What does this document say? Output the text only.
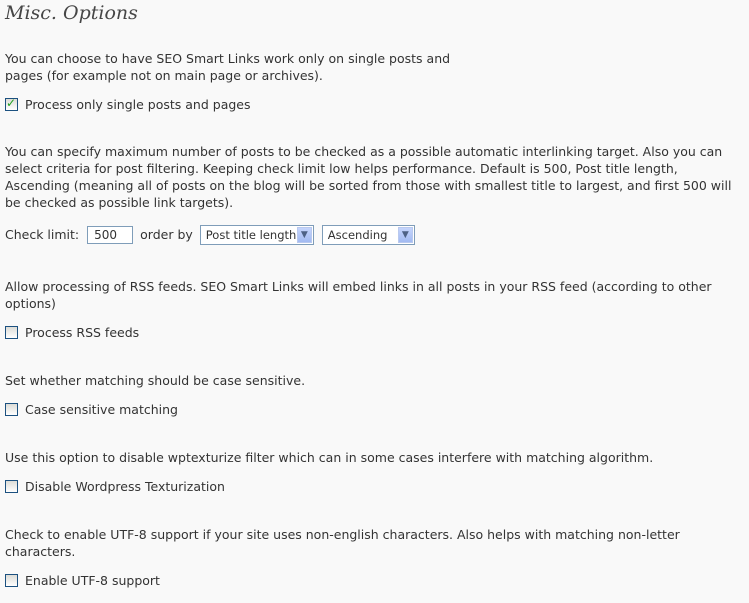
Misc. Options
You can choose to have SEO Smart Links work only on single posts and pages (for example not on main page or archives).
✓
Process only single posts and pages
You can specify maximum number of posts to be checked as a possible automatic interlinking target. Also you can select criteria for post filtering. Keeping check limit low helps performance. Default is 500, Post title length, Ascending (meaning all of posts on the blog will be sorted from those with smallest title to largest, and first 500 will be checked as possible link targets).
Check limit:	500	order by	Post title length ▼	Ascending	▼
Allow processing of RSS feeds. SEO Smart Links will embed links in all posts in your RSS feed (according to other options)
Process RSS feeds
Set whether matching should be case sensitive.
Case sensitive matching
Use this option to disable wptexturize filter which can in some cases interfere with matching algorithm.
Disable Wordpress Texturization
Check to enable UTF-8 support if your site uses non-english characters. Also helps with matching non-letter characters.
Enable UTF-8 support
